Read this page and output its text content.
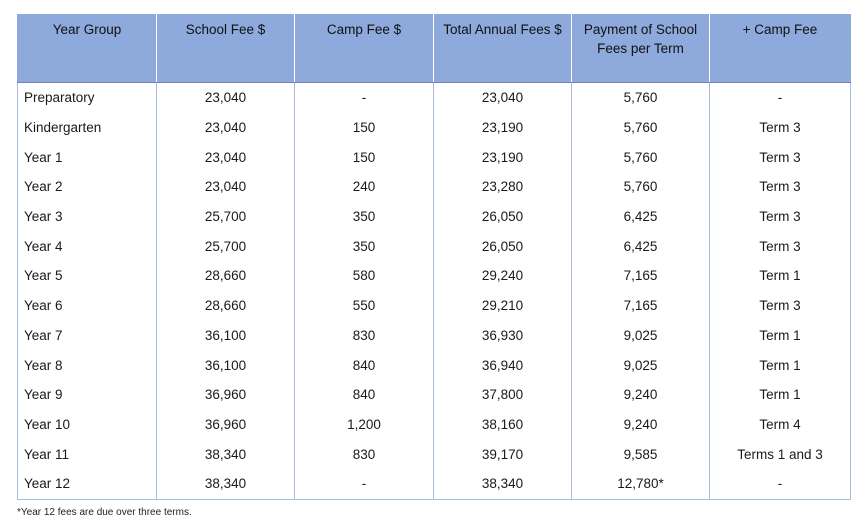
Year Group	School Fee $	Camp Fee $	Total Annual Fees $	Payment of School Fees per Term	+ Camp Fee
Preparatory	23,040	-	23,040	5,760	-
Kindergarten	23,040	150	23,190	5,760	Term 3
Year 1	23,040	150	23,190	5,760	Term 3
Year 2	23,040	240	23,280	5,760	Term 3
Year 3	25,700	350	26,050	6,425	Term 3
Year 4	25,700	350	26,050	6,425	Term 3
Year 5	28,660	580	29,240	7,165	Term 1
Year 6	28,660	550	29,210	7,165	Term 3
Year 7	36,100	830	36,930	9,025	Term 1
Year 8	36,100	840	36,940	9,025	Term 1
Year 9	36,960	840	37,800	9,240	Term 1
Year 10	36,960	1,200	38,160	9,240	Term 4
Year 11	38,340	830	39,170	9,585	Terms 1 and 3
Year 12	38,340	-	38,340	12,780*	-
*Year 12 fees are due over three terms.
